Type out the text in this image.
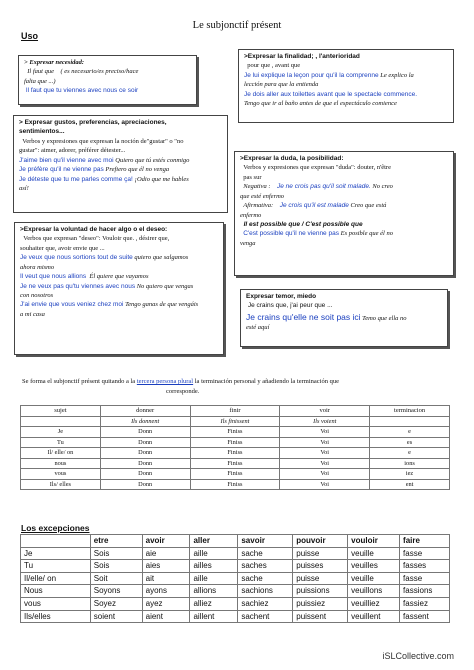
Le subjonctif présent
Uso
> Expresar necesidad:
Il faut que ( es necesario/es preciso/hace
falta que ...)
Il faut que tu viennes avec nous ce soir
>Expresar la finalidad; , l'anterioridad
pour que , avant que
Je lui explique la leçon pour qu'il la comprenne Le explico la
lección para que la entienda
Je dois aller aux toilettes avant que le spectacle commence.
Tengo que ir al baño antes de que el espectáculo comience
> Expresar gustos, preferencias, apreciaciones,
sentimientos...
Verbos y expresiones que expresan la noción de"gustar" o "no
gustar": aimer, adorer, préférer détester...
J'aime bien qu'il vienne avec moi Quiero que tú estés conmigo
Je préfère qu'il ne vienne pas Prefiero que él no venga
Je déteste que tu me parles comme ça! ¡Odio que me hables
así!
>Expresar la duda, la posibilidad:
Verbos y expresiones que expresan "duda": douter, n'être
pas sur
Negativa : Je ne crois pas qu'il soit malade. No creo
que esté enfermo
Afirmativa: Je crois qu'il est malade Creo que está
enfermo
Il est possible que / C'est possible que
C'est possible qu'il ne vienne pas Es posible que él no
venga
>Expresar la voluntad de hacer algo o el deseo:
Verbos que expresan "deseo": Vouloir que. , désirer que,
souhaiter que, avoir envie que ...
Je veux que nous sortions tout de suite quiero que salgamos
ahora mismo
Il veut que nous allions Él quiere que vayamos
Je ne veux pas qu'tu viennes avec nous No quiero que vengas
con nosotros
J'ai envie que vous veniez chez moi Tengo ganas de que vengáis
a mi casa
Expresar temor, miedo
Je crains que, j'ai peur que ...
Je crains qu'elle ne soit pas ici Temo que ella no
esté aquí
Se forma el subjonctif présent quitando a la tercera persona plural la terminación personal y añadiendo la terminación que
corresponde.
sujet	donner	finir	voir	terminacion
	Ils donnent	Ils finissent	Ils voient	
Je	Donn	Finiss	Voi	e
Tu	Donn	Finiss	Voi	es
Il/ elle/ on	Donn	Finiss	Voi	e
nous	Donn	Finiss	Voi	ions
vous	Donn	Finiss	Voi	iez
Ils/ elles	Donn	Finiss	Voi	ent
Los excepciones
	etre	avoir	aller	savoir	pouvoir	vouloir	faire
Je	Sois	aie	aille	sache	puisse	veuille	fasse
Tu	Sois	aies	ailles	saches	puisses	veuilles	fasses
Il/elle/ on	Soit	ait	aille	sache	puisse	veuille	fasse
Nous	Soyons	ayons	allions	sachions	puissions	veuillons	fassions
vous	Soyez	ayez	alliez	sachiez	puissiez	veuilliez	fassiez
Ils/elles	soient	aient	aillent	sachent	puissent	veuillent	fassent
iSLCollective.com
